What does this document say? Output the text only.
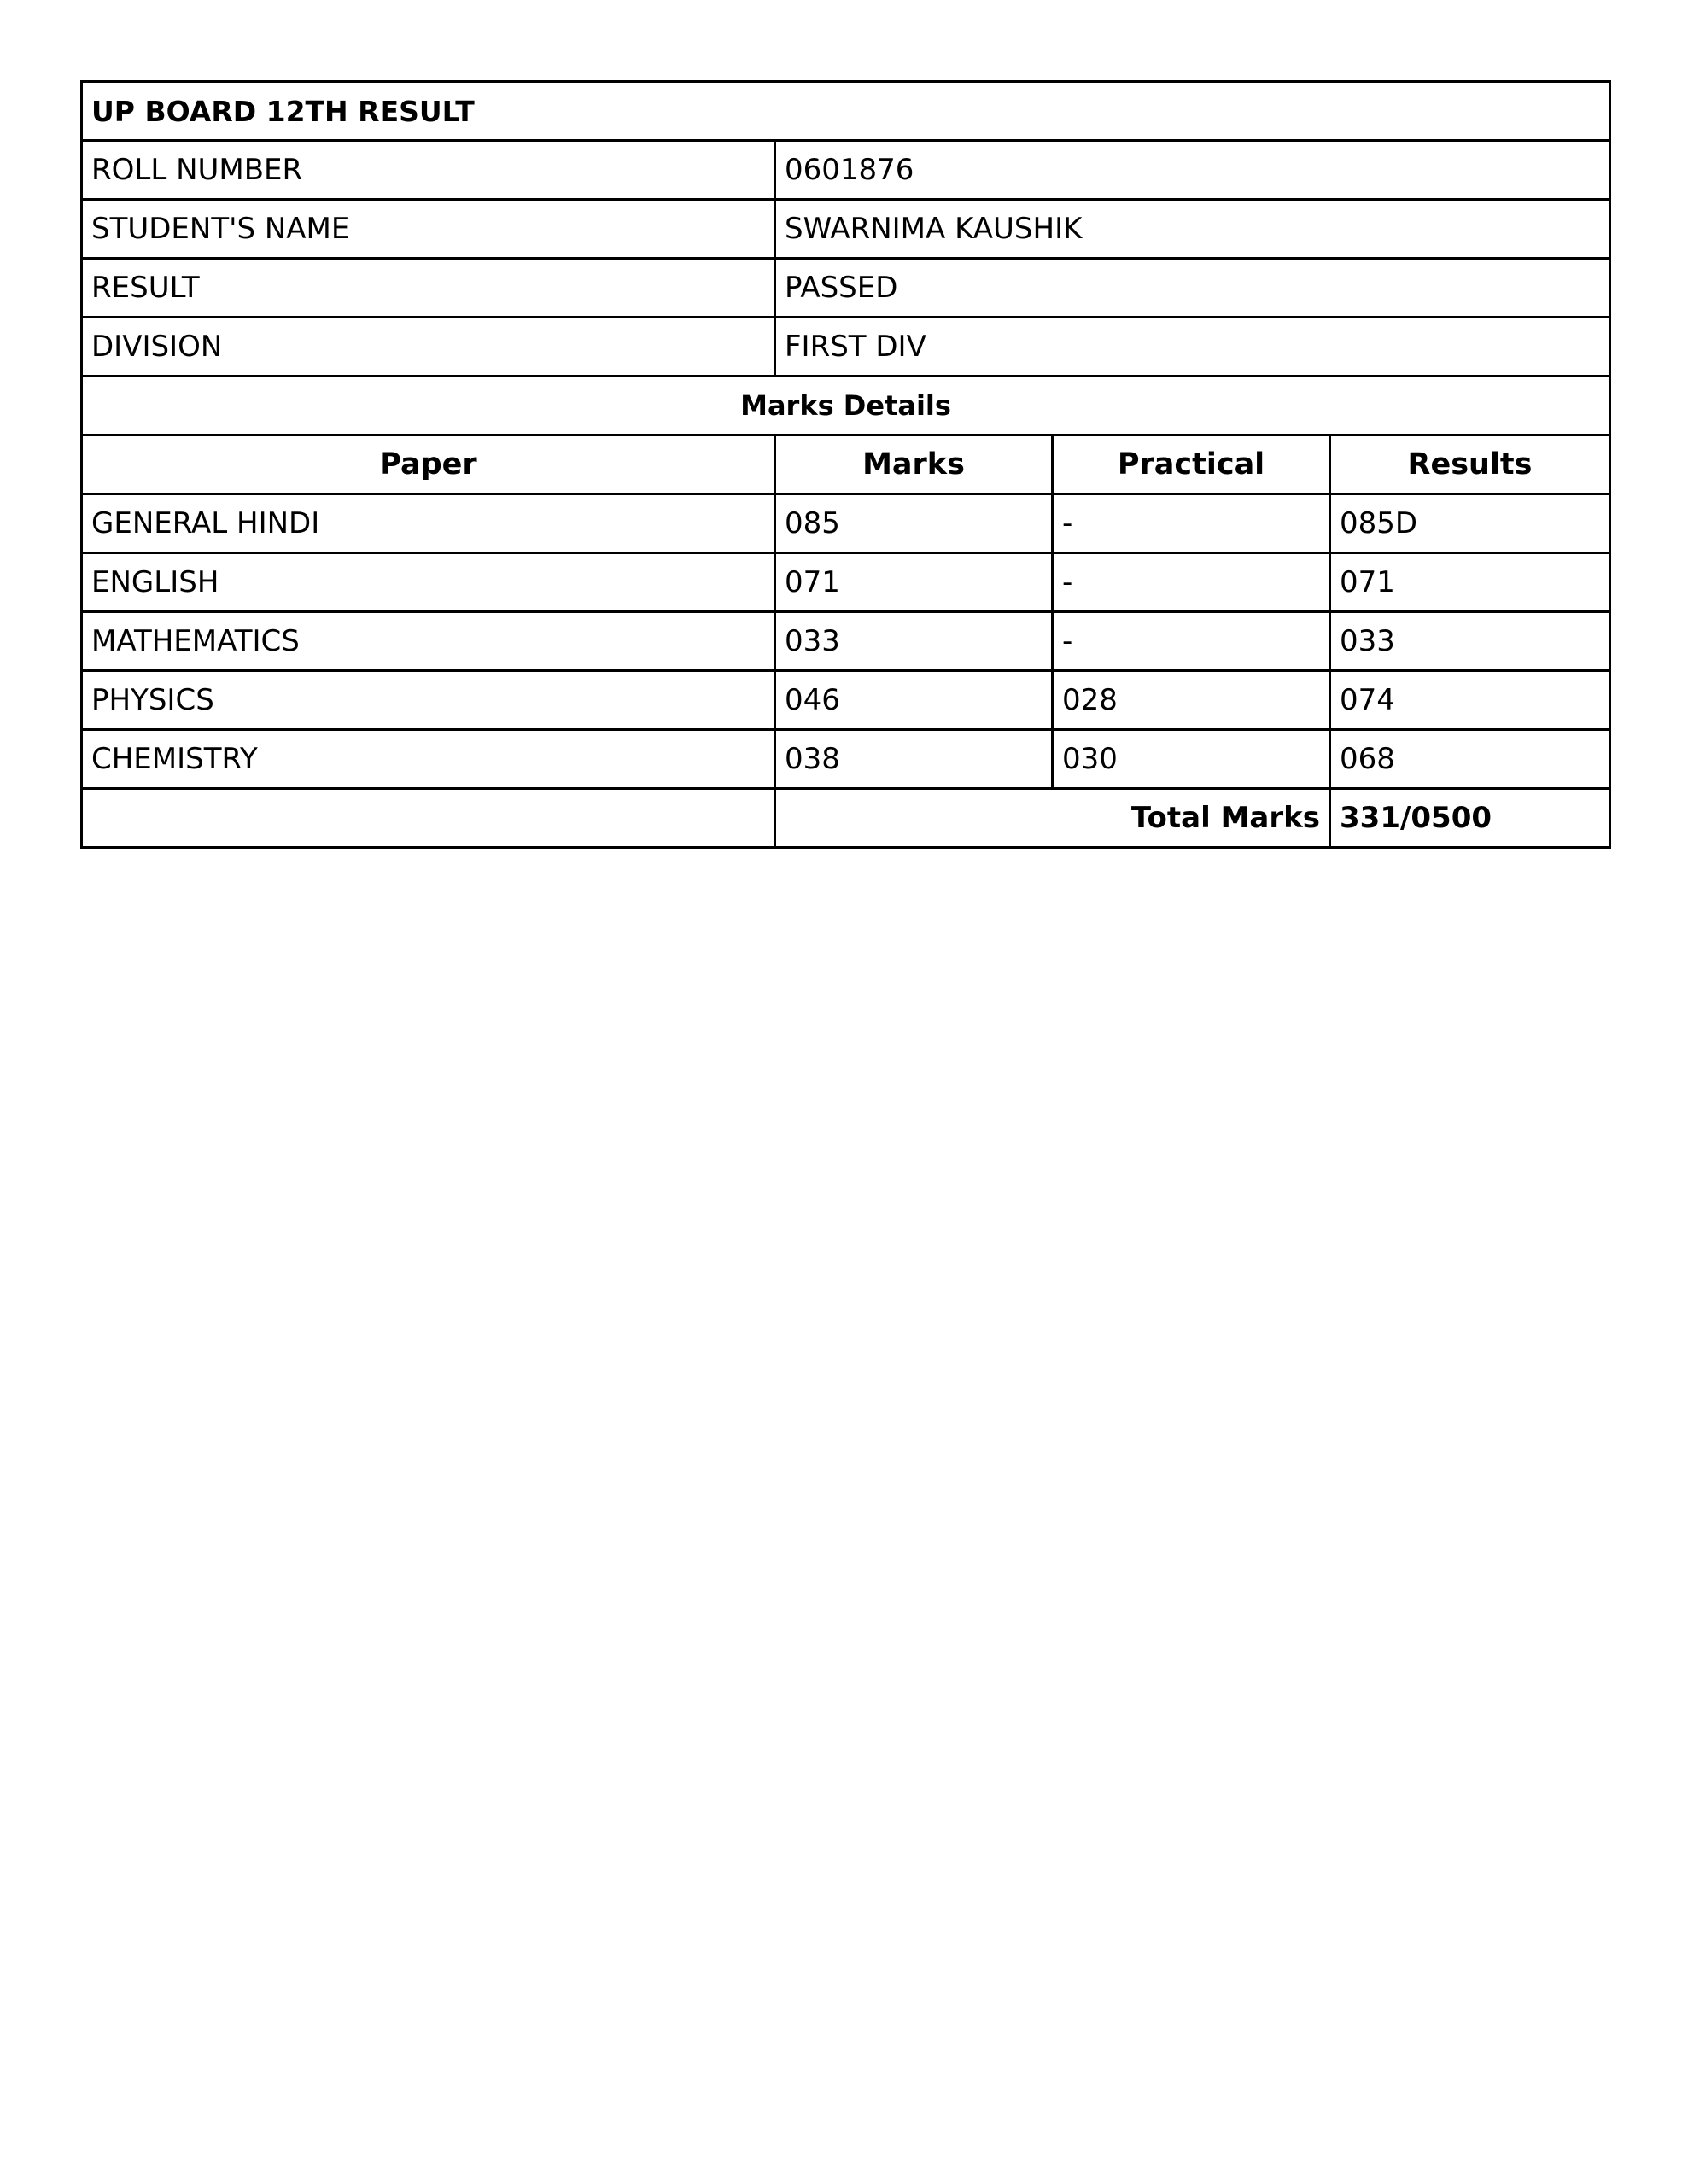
UP BOARD 12TH RESULT			
ROLL NUMBER	0601876		
STUDENT'S NAME	SWARNIMA KAUSHIK		
RESULT	PASSED		
DIVISION	FIRST DIV		
Marks Details			
Paper	Marks	Practical	Results
GENERAL HINDI	085	-	085D
ENGLISH	071	-	071
MATHEMATICS	033	-	033
PHYSICS	046	028	074
CHEMISTRY	038	030	068
	Total Marks		331/0500
